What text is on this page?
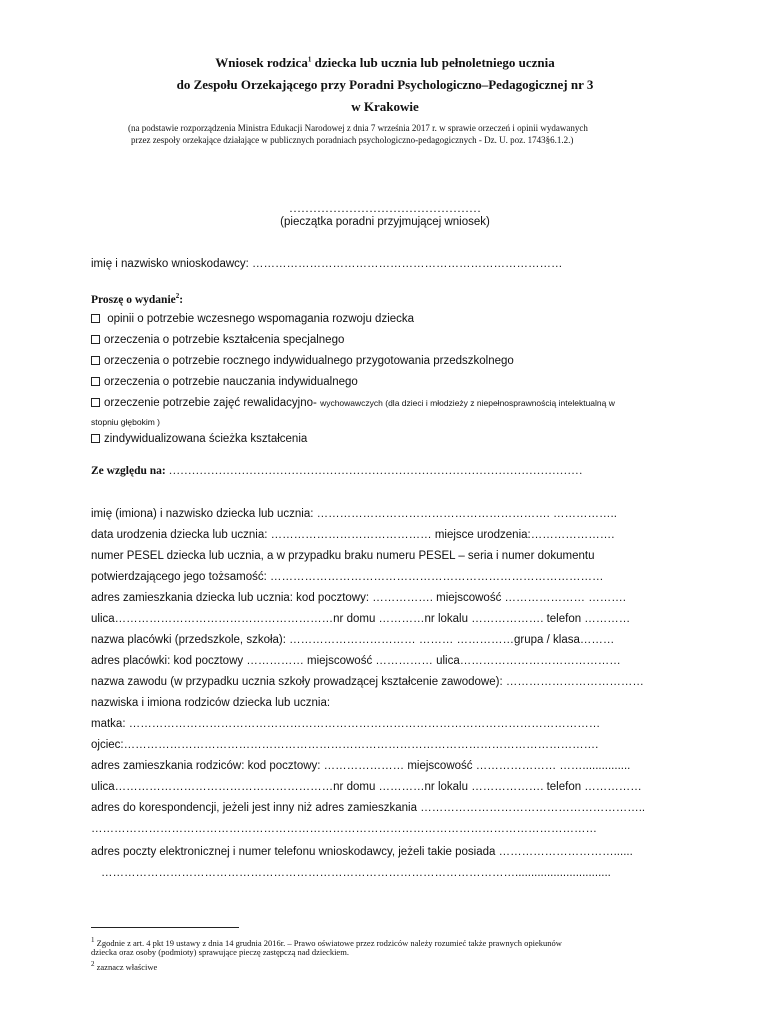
Wniosek rodzica$^1$ dziecka lub ucznia lub pełnoletniego ucznia
do Zespołu Orzekającego przy Poradni Psychologiczno–Pedagogicznej nr 3
w Krakowie
(na podstawie rozporządzenia Ministra Edukacji Narodowej z dnia 7 września 2017 r. w sprawie orzeczeń i opinii wydawanych
przez zespoły orzekające działające w publicznych poradniach psychologiczno-pedagogicznych - Dz. U. poz. 1743§6.1.2.)
…………………………………………
(pieczątka poradni przyjmującej wniosek)
imię i nazwisko wnioskodawcy: ………………………………………………………………………
Proszę o wydanie$^2$:
opinii o potrzebie wczesnego wspomagania rozwoju dziecka
orzeczenia o potrzebie kształcenia specjalnego
orzeczenia o potrzebie rocznego indywidualnego przygotowania przedszkolnego
orzeczenia o potrzebie nauczania indywidualnego
orzeczenie potrzebie zajęć rewalidacyjno- wychowawczych (dla dzieci i młodzieży z niepełnosprawnością intelektualną w
stopniu głębokim )
zindywidualizowana ścieżka kształcenia
Ze względu na: ………………………………………………………………………………………………
imię (imiona) i nazwisko dziecka lub ucznia: ……………………………………………………. ……………..
data urodzenia dziecka lub ucznia: …………………………………… miejsce urodzenia:………………….
numer PESEL dziecka lub ucznia, a w przypadku braku numeru PESEL – seria i numer dokumentu
potwierdzającego jego tożsamość: ……………………………………………………………………………
adres zamieszkania dziecka lub ucznia: kod pocztowy: ……………. miejscowość ………………… ……….
ulica…………………………………………………nr domu …………nr lokalu ………………. telefon …………
nazwa placówki (przedszkole, szkoła): …………………………… ……… ……………grupa / klasa………
adres placówki: kod pocztowy …………… miejscowość …………… ulica……………………………………
nazwa zawodu (w przypadku ucznia szkoły prowadzącej kształcenie zawodowe): ………………………………
nazwiska i imiona rodziców dziecka lub ucznia:
matka: ……………………………………………………………………………………………………………
ojciec:…………………………………………………………………………………………………………….
adres zamieszkania rodziców: kod pocztowy: ………………… miejscowość ………………… ……...............
ulica…………………………………………………nr domu …………nr lokalu ………………. telefon ……………
adres do korespondencji, jeżeli jest inny niż adres zamieszkania …………………………………………………..
……………………………………………………………………………………………………………………
adres poczty elektronicznej i numer telefonu wnioskodawcy, jeżeli takie posiada …………………………......
………………………………………………………………………………………………..............................
$^1$ Zgodnie z art. 4 pkt 19 ustawy z dnia 14 grudnia 2016r. – Prawo oświatowe przez rodziców należy rozumieć także prawnych opiekunów
dziecka oraz osoby (podmioty) sprawujące pieczę zastępczą nad dzieckiem.
$^2$ zaznacz właściwe
